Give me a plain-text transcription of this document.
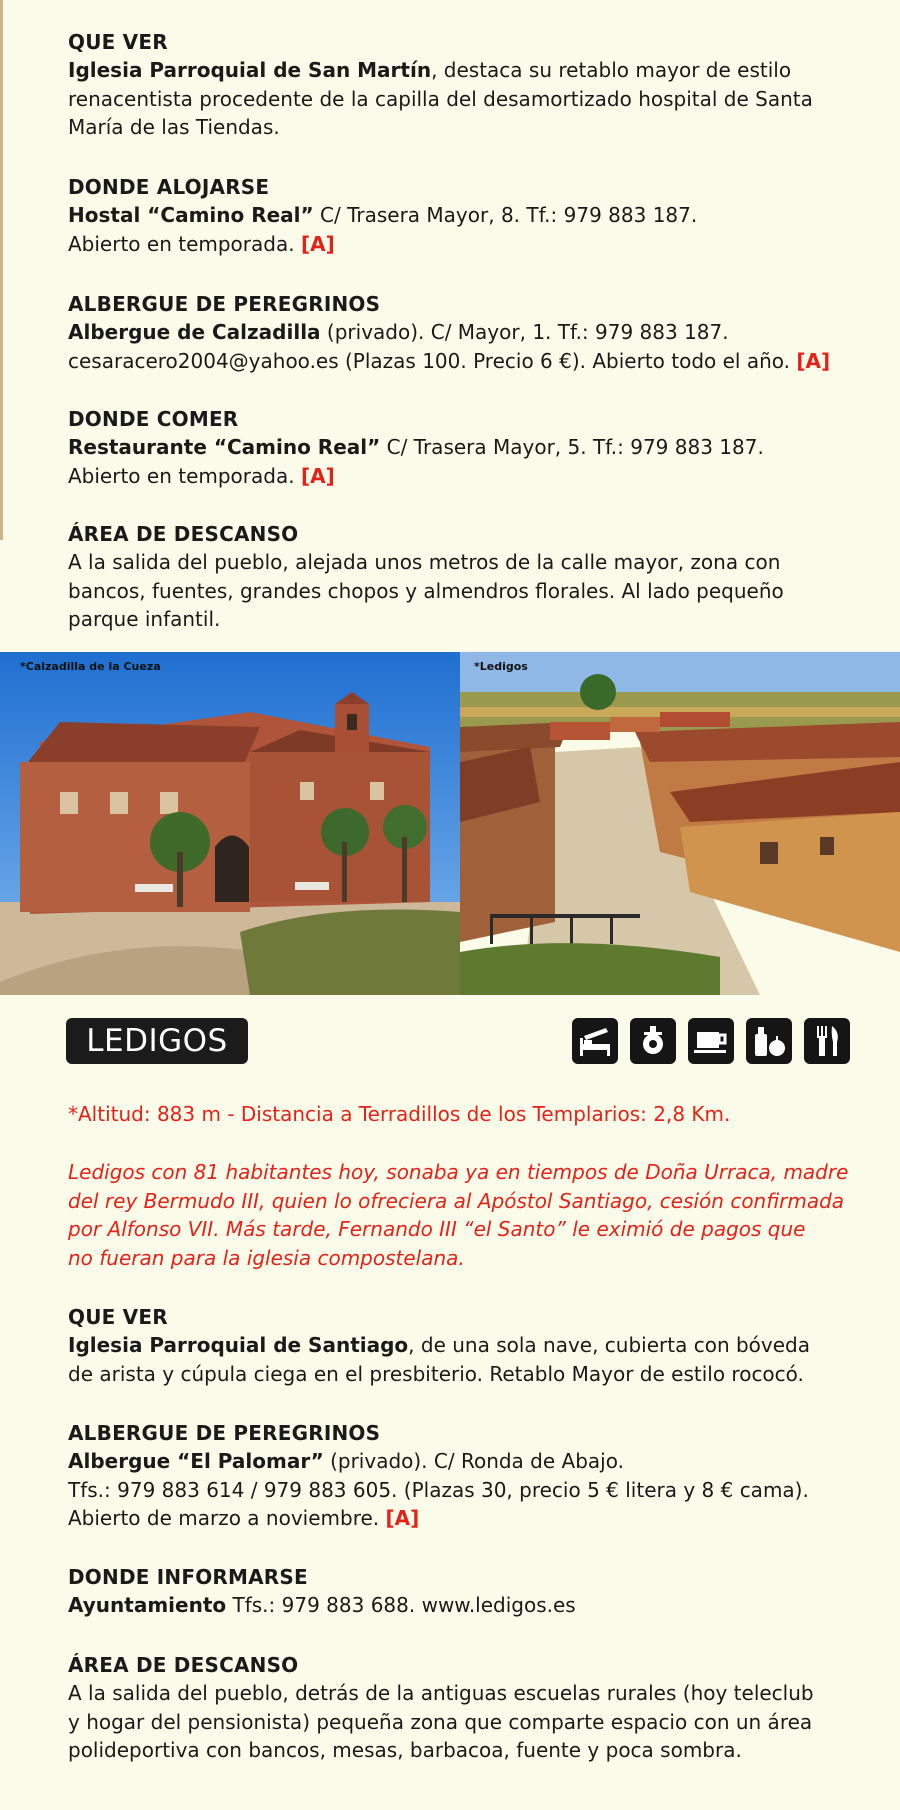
QUE VER
Iglesia Parroquial de San Martín, destaca su retablo mayor de estilo
renacentista procedente de la capilla del desamortizado hospital de Santa
María de las Tiendas.
DONDE ALOJARSE
Hostal “Camino Real” C/ Trasera Mayor, 8. Tf.: 979 883 187.
Abierto en temporada. [A]
ALBERGUE DE PEREGRINOS
Albergue de Calzadilla (privado). C/ Mayor, 1. Tf.: 979 883 187.
cesaracero2004@yahoo.es (Plazas 100. Precio 6 €). Abierto todo el año. [A]
DONDE COMER
Restaurante “Camino Real” C/ Trasera Mayor, 5. Tf.: 979 883 187.
Abierto en temporada. [A]
ÁREA DE DESCANSO
A la salida del pueblo, alejada unos metros de la calle mayor, zona con
bancos, fuentes, grandes chopos y almendros florales. Al lado pequeño
parque infantil.
*Calzadilla de la Cueza	*Ledigos
LEDIGOS
*Altitud: 883 m - Distancia a Terradillos de los Templarios: 2,8 Km.
Ledigos con 81 habitantes hoy, sonaba ya en tiempos de Doña Urraca, madre
del rey Bermudo III, quien lo ofreciera al Apóstol Santiago, cesión confirmada
por Alfonso VII. Más tarde, Fernando III “el Santo” le eximió de pagos que
no fueran para la iglesia compostelana.
QUE VER
Iglesia Parroquial de Santiago, de una sola nave, cubierta con bóveda
de arista y cúpula ciega en el presbiterio. Retablo Mayor de estilo rococó.
ALBERGUE DE PEREGRINOS
Albergue “El Palomar” (privado). C/ Ronda de Abajo.
Tfs.: 979 883 614 / 979 883 605. (Plazas 30, precio 5 € litera y 8 € cama).
Abierto de marzo a noviembre. [A]
DONDE INFORMARSE
Ayuntamiento Tfs.: 979 883 688. www.ledigos.es
ÁREA DE DESCANSO
A la salida del pueblo, detrás de la antiguas escuelas rurales (hoy teleclub
y hogar del pensionista) pequeña zona que comparte espacio con un área
polideportiva con bancos, mesas, barbacoa, fuente y poca sombra.
